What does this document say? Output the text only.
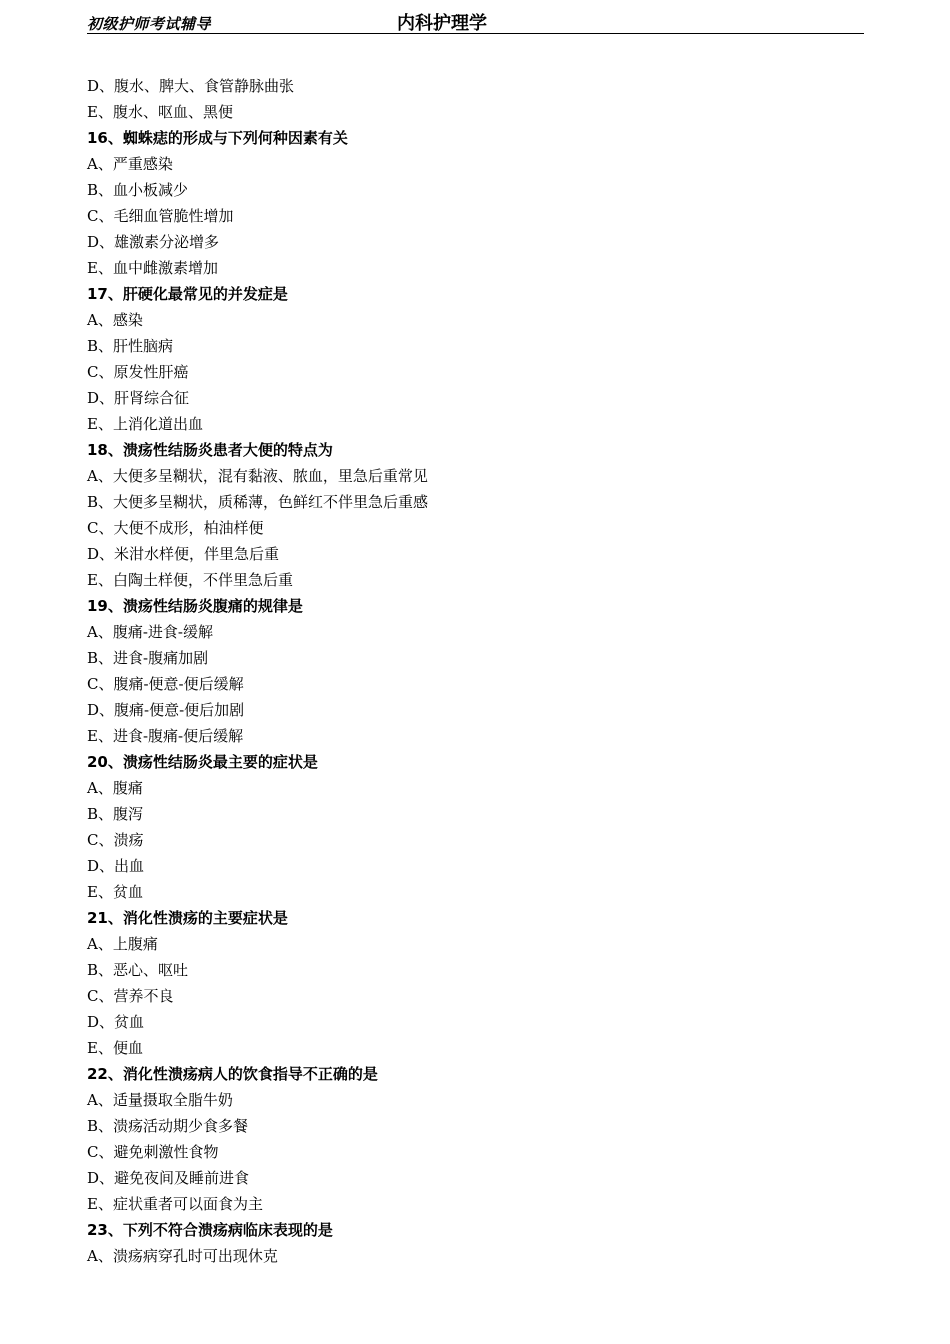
初级护师考试辅导	内科护理学
D、腹水、脾大、食管静脉曲张
E、腹水、呕血、黑便
16、蜘蛛痣的形成与下列何种因素有关
A、严重感染
B、血小板减少
C、毛细血管脆性增加
D、雄激素分泌增多
E、血中雌激素增加
17、肝硬化最常见的并发症是
A、感染
B、肝性脑病
C、原发性肝癌
D、肝肾综合征
E、上消化道出血
18、溃疡性结肠炎患者大便的特点为
A、大便多呈糊状，混有黏液、脓血，里急后重常见
B、大便多呈糊状，质稀薄，色鲜红不伴里急后重感
C、大便不成形，柏油样便
D、米泔水样便，伴里急后重
E、白陶土样便，不伴里急后重
19、溃疡性结肠炎腹痛的规律是
A、腹痛-进食-缓解
B、进食-腹痛加剧
C、腹痛-便意-便后缓解
D、腹痛-便意-便后加剧
E、进食-腹痛-便后缓解
20、溃疡性结肠炎最主要的症状是
A、腹痛
B、腹泻
C、溃疡
D、出血
E、贫血
21、消化性溃疡的主要症状是
A、上腹痛
B、恶心、呕吐
C、营养不良
D、贫血
E、便血
22、消化性溃疡病人的饮食指导不正确的是
A、适量摄取全脂牛奶
B、溃疡活动期少食多餐
C、避免刺激性食物
D、避免夜间及睡前进食
E、症状重者可以面食为主
23、下列不符合溃疡病临床表现的是
A、溃疡病穿孔时可出现休克
